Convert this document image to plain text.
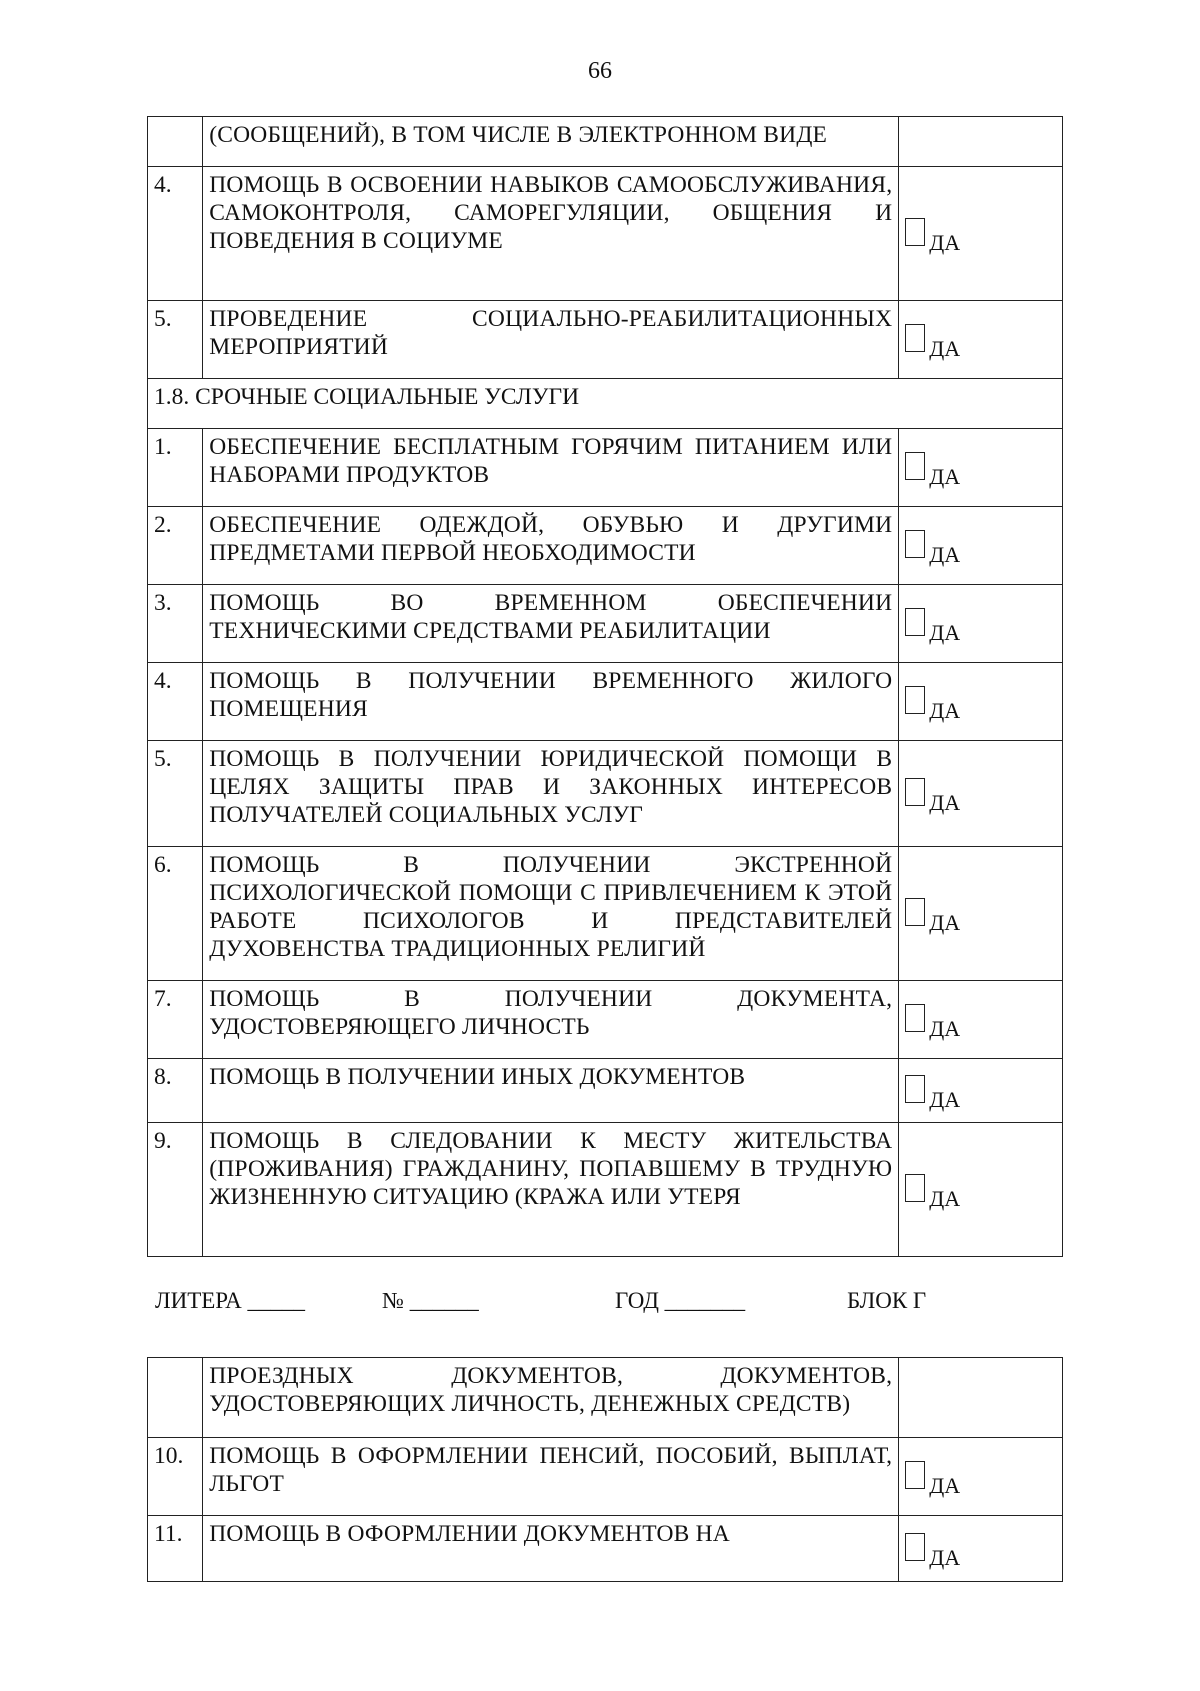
66
	(СООБЩЕНИЙ), В ТОМ ЧИСЛЕ В ЭЛЕКТРОННОМ ВИДЕ	
4.	ПОМОЩЬ В ОСВОЕНИИ НАВЫКОВ САМООБСЛУЖИВАНИЯ, САМОКОНТРОЛЯ, САМОРЕГУЛЯЦИИ, ОБЩЕНИЯ И ПОВЕДЕНИЯ В СОЦИУМЕ	ДА
5.	ПРОВЕДЕНИЕ СОЦИАЛЬНО-РЕАБИЛИТАЦИОННЫХ МЕРОПРИЯТИЙ	ДА
1.8. СРОЧНЫЕ СОЦИАЛЬНЫЕ УСЛУГИ		
1.	ОБЕСПЕЧЕНИЕ БЕСПЛАТНЫМ ГОРЯЧИМ ПИТАНИЕМ ИЛИ НАБОРАМИ ПРОДУКТОВ	ДА
2.	ОБЕСПЕЧЕНИЕ ОДЕЖДОЙ, ОБУВЬЮ И ДРУГИМИ ПРЕДМЕТАМИ ПЕРВОЙ НЕОБХОДИМОСТИ	ДА
3.	ПОМОЩЬ ВО ВРЕМЕННОМ ОБЕСПЕЧЕНИИ ТЕХНИЧЕСКИМИ СРЕДСТВАМИ РЕАБИЛИТАЦИИ	ДА
4.	ПОМОЩЬ В ПОЛУЧЕНИИ ВРЕМЕННОГО ЖИЛОГО ПОМЕЩЕНИЯ	ДА
5.	ПОМОЩЬ В ПОЛУЧЕНИИ ЮРИДИЧЕСКОЙ ПОМОЩИ В ЦЕЛЯХ ЗАЩИТЫ ПРАВ И ЗАКОННЫХ ИНТЕРЕСОВ ПОЛУЧАТЕЛЕЙ СОЦИАЛЬНЫХ УСЛУГ	ДА
6.	ПОМОЩЬ В ПОЛУЧЕНИИ ЭКСТРЕННОЙ ПСИХОЛОГИЧЕСКОЙ ПОМОЩИ С ПРИВЛЕЧЕНИЕМ К ЭТОЙ РАБОТЕ ПСИХОЛОГОВ И ПРЕДСТАВИТЕЛЕЙ ДУХОВЕНСТВА ТРАДИЦИОННЫХ РЕЛИГИЙ	ДА
7.	ПОМОЩЬ В ПОЛУЧЕНИИ ДОКУМЕНТА, УДОСТОВЕРЯЮЩЕГО ЛИЧНОСТЬ	ДА
8.	ПОМОЩЬ В ПОЛУЧЕНИИ ИНЫХ ДОКУМЕНТОВ	ДА
9.	ПОМОЩЬ В СЛЕДОВАНИИ К МЕСТУ ЖИТЕЛЬСТВА (ПРОЖИВАНИЯ) ГРАЖДАНИНУ, ПОПАВШЕМУ В ТРУДНУЮ ЖИЗНЕННУЮ СИТУАЦИЮ (КРАЖА ИЛИ УТЕРЯ	ДА
ЛИТЕРА _____	№ ______	ГОД _______	БЛОК Г
	ПРОЕЗДНЫХ ДОКУМЕНТОВ, ДОКУМЕНТОВ, УДОСТОВЕРЯЮЩИХ ЛИЧНОСТЬ, ДЕНЕЖНЫХ СРЕДСТВ)	
10.	ПОМОЩЬ В ОФОРМЛЕНИИ ПЕНСИЙ, ПОСОБИЙ, ВЫПЛАТ, ЛЬГОТ	ДА
11.	ПОМОЩЬ В ОФОРМЛЕНИИ ДОКУМЕНТОВ НА	ДА
